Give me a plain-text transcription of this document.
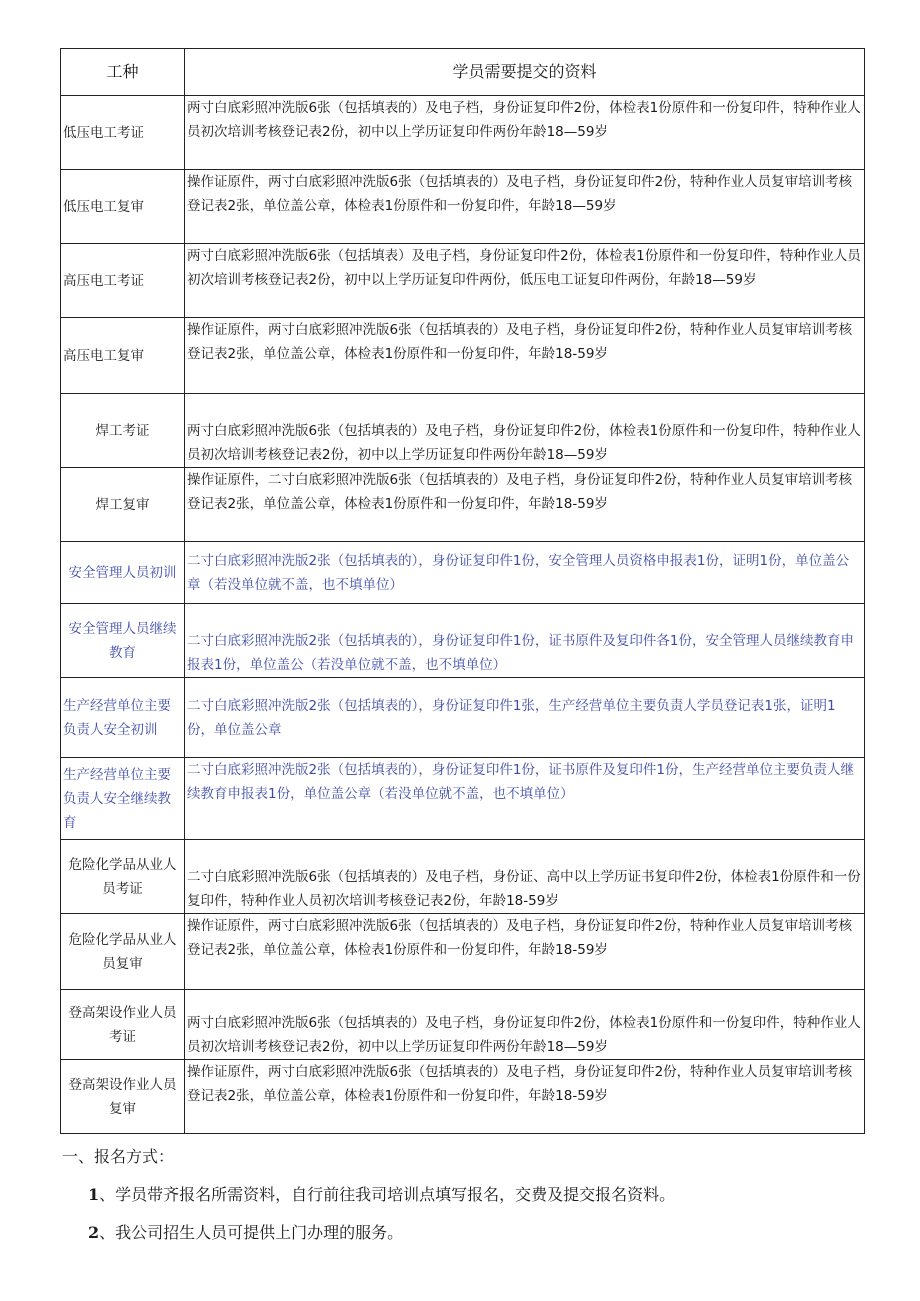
工种	学员需要提交的资料
低压电工考证	两寸白底彩照冲洗版6张（包括填表的）及电子档，身份证复印件2份，体检表1份原件和一份复印件，特种作业人员初次培训考核登记表2份，初中以上学历证复印件两份年龄18—59岁
低压电工复审	操作证原件，两寸白底彩照冲洗版6张（包括填表的）及电子档，身份证复印件2份，特种作业人员复审培训考核登记表2张，单位盖公章，体检表1份原件和一份复印件，年龄18—59岁
高压电工考证	两寸白底彩照冲洗版6张（包括填表）及电子档，身份证复印件2份，体检表1份原件和一份复印件，特种作业人员初次培训考核登记表2份，初中以上学历证复印件两份，低压电工证复印件两份，年龄18—59岁
高压电工复审	操作证原件，两寸白底彩照冲洗版6张（包括填表的）及电子档，身份证复印件2份，特种作业人员复审培训考核登记表2张，单位盖公章，体检表1份原件和一份复印件，年龄18-59岁
焊工考证	两寸白底彩照冲洗版6张（包括填表的）及电子档，身份证复印件2份，体检表1份原件和一份复印件，特种作业人员初次培训考核登记表2份，初中以上学历证复印件两份年龄18—59岁
焊工复审	操作证原件，二寸白底彩照冲洗版6张（包括填表的）及电子档，身份证复印件2份，特种作业人员复审培训考核登记表2张，单位盖公章，体检表1份原件和一份复印件，年龄18-59岁
安全管理人员初训	二寸白底彩照冲洗版2张（包括填表的），身份证复印件1份，安全管理人员资格申报表1份，证明1份，单位盖公章（若没单位就不盖，也不填单位）
安全管理人员继续教育	二寸白底彩照冲洗版2张（包括填表的），身份证复印件1份，证书原件及复印件各1份，安全管理人员继续教育申报表1份，单位盖公（若没单位就不盖，也不填单位）
生产经营单位主要负责人安全初训	二寸白底彩照冲洗版2张（包括填表的），身份证复印件1张，生产经营单位主要负责人学员登记表1张，证明1份，单位盖公章
生产经营单位主要负责人安全继续教育	二寸白底彩照冲洗版2张（包括填表的），身份证复印件1份，证书原件及复印件1份，生产经营单位主要负责人继续教育申报表1份，单位盖公章（若没单位就不盖，也不填单位）
危险化学品从业人员考证	二寸白底彩照冲洗版6张（包括填表的）及电子档，身份证、高中以上学历证书复印件2份，体检表1份原件和一份复印件，特种作业人员初次培训考核登记表2份，年龄18-59岁
危险化学品从业人员复审	操作证原件，两寸白底彩照冲洗版6张（包括填表的）及电子档，身份证复印件2份，特种作业人员复审培训考核登记表2张，单位盖公章，体检表1份原件和一份复印件，年龄18-59岁
登高架设作业人员考证	两寸白底彩照冲洗版6张（包括填表的）及电子档，身份证复印件2份，体检表1份原件和一份复印件，特种作业人员初次培训考核登记表2份，初中以上学历证复印件两份年龄18—59岁
登高架设作业人员复审	操作证原件，两寸白底彩照冲洗版6张（包括填表的）及电子档，身份证复印件2份，特种作业人员复审培训考核登记表2张，单位盖公章，体检表1份原件和一份复印件，年龄18-59岁

一、报名方式：

1、学员带齐报名所需资料，自行前往我司培训点填写报名，交费及提交报名资料。

2、我公司招生人员可提供上门办理的服务。
